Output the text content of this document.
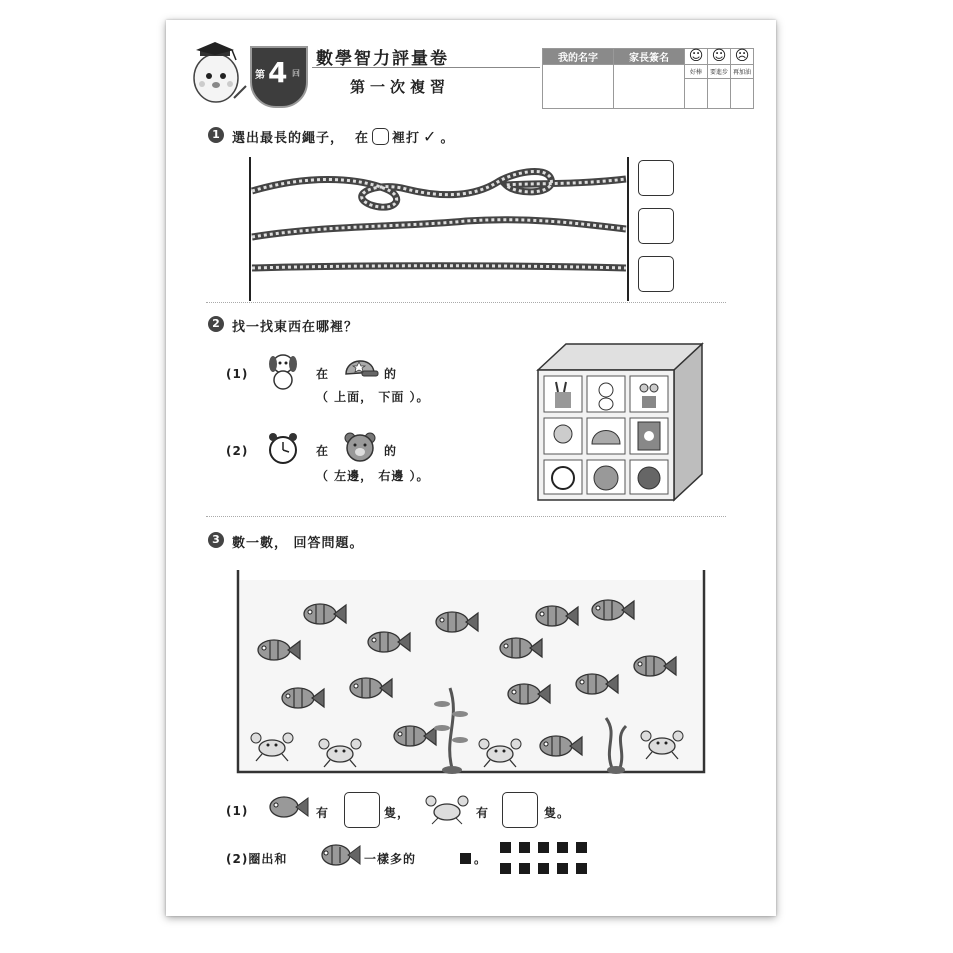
第 4 回
數學智力評量卷
第一次複習
我的名字	家長簽名	☺	☺	☹
		好棒	要進步	再加油

1 選出最長的繩子， 在 裡打 ✓ 。
2 找一找東西在哪裡？
(1)	在	的
（ 上面， 下面 ）。
(2)	在	的
（ 左邊， 右邊 ）。
3 數一數， 回答問題。
(1)	有	隻，	有	隻。
(2)圈出和	一樣多的	。
